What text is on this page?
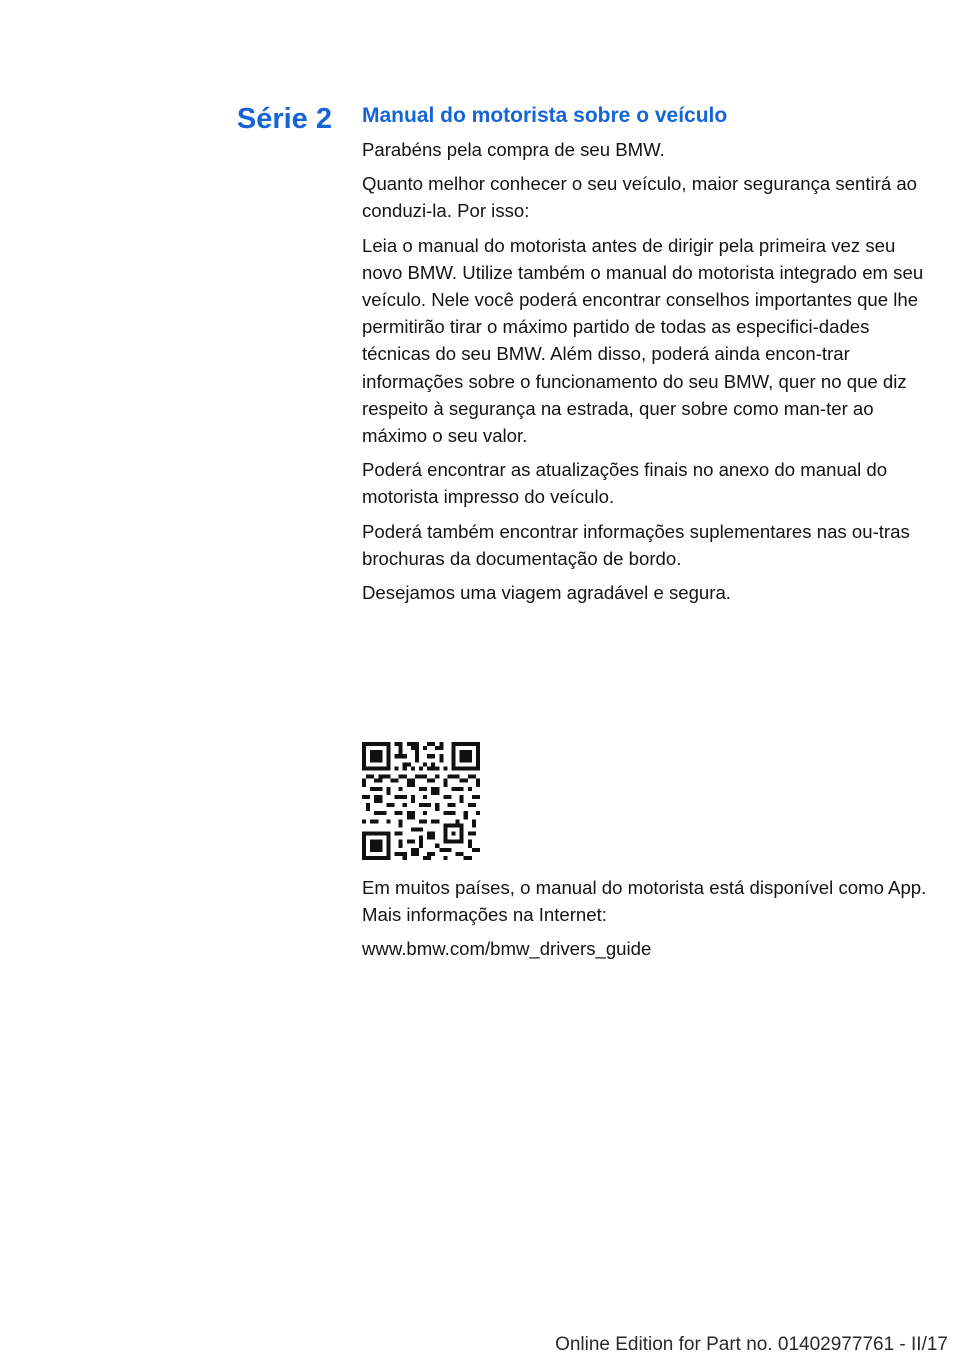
Série 2 Manual do motorista sobre o veículo

Parabéns pela compra de seu BMW.

Quanto melhor conhecer o seu veículo, maior segurança sentirá ao conduzi‐la. Por isso:

Leia o manual do motorista antes de dirigir pela primeira vez seu novo BMW. Utilize também o manual do motorista integrado em seu veículo. Nele você poderá encontrar conselhos importantes que lhe permitirão tirar o máximo partido de todas as especifici‐dades técnicas do seu BMW. Além disso, poderá ainda encon‐trar informações sobre o funcionamento do seu BMW, quer no que diz respeito à segurança na estrada, quer sobre como man‐ter ao máximo o seu valor.

Poderá encontrar as atualizações finais no anexo do manual do motorista impresso do veículo.

Poderá também encontrar informações suplementares nas ou‐tras brochuras da documentação de bordo.

Desejamos uma viagem agradável e segura.

Em muitos países, o manual do motorista está disponível como App. Mais informações na Internet:

www.bmw.com/bmw_drivers_guide

Online Edition for Part no. 01402977761 - II/17
